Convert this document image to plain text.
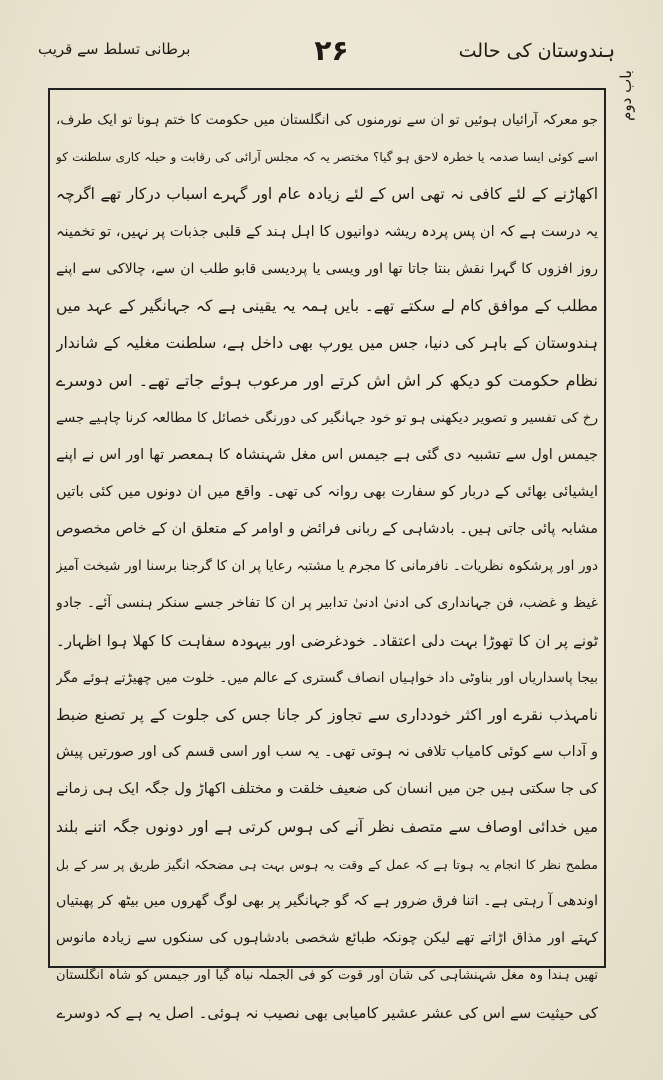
ہندوستان کی حالت
۲۶
برطانی تسلط سے قریب
باب دوم
جو معرکہ آرائیاں ہوئیں تو ان سے نورمنوں کی انگلستان میں حکومت کا ختم ہونا تو ایک طرف،
اسے کوئی ایسا صدمہ یا خطرہ لاحق ہو گیا؟ مختصر یہ کہ مجلس آرائی کی رقابت و حیلہ کاری سلطنت کو
اکھاڑنے کے لئے کافی نہ تھی اس کے لئے زیادہ عام اور گہرے اسباب درکار تھے اگرچہ
یہ درست ہے کہ ان پس پردہ ریشہ دوانیوں کا اہل ہند کے قلبی جذبات پر نہیں، تو تخمینہ
روز افزوں کا گہرا نقش بنتا جاتا تھا اور ویسی یا پردیسی قابو طلب ان سے، چالاکی سے اپنے
مطلب کے موافق کام لے سکتے تھے۔ بایں ہمہ یہ یقینی ہے کہ جہانگیر کے عہد میں
ہندوستان کے باہر کی دنیا، جس میں یورپ بھی داخل ہے، سلطنت مغلیہ کے شاندار
نظام حکومت کو دیکھ کر اش اش کرتے اور مرعوب ہوئے جاتے تھے۔ اس دوسرے
رخ کی تفسیر و تصویر دیکھنی ہو تو خود جہانگیر کی دورنگی خصائل کا مطالعہ کرنا چاہیے جسے
جیمس اول سے تشبیہ دی گئی ہے جیمس اس مغل شہنشاہ کا ہمعصر تھا اور اس نے اپنے
ایشیائی بھائی کے دربار کو سفارت بھی روانہ کی تھی۔ واقع میں ان دونوں میں کئی باتیں
مشابہ پائی جاتی ہیں۔ بادشاہی کے ربانی فرائض و اوامر کے متعلق ان کے خاص مخصوص
دور اور پرشکوہ نظریات۔ نافرمانی کا مجرم یا مشتبہ رعایا پر ان کا گرجنا برسنا اور شیخت آمیز
غیظ و غضب، فن جہانداری کی ادنیٰ ادنیٰ تدابیر پر ان کا تفاخر جسے سنکر ہنسی آئے۔ جادو
ٹونے پر ان کا تھوڑا بہت دلی اعتقاد۔ خودغرضی اور بیہودہ سفاہت کا کھلا ہوا اظہار۔
بیجا پاسداریاں اور بناوٹی داد خواہیاں انصاف گستری کے عالم میں۔ خلوت میں چھیڑتے ہوئے مگر
نامہذب نقرے اور اکثر خودداری سے تجاوز کر جانا جس کی جلوت کے پر تصنع ضبط
و آداب سے کوئی کامیاب تلافی نہ ہوتی تھی۔ یہ سب اور اسی قسم کی اور صورتیں پیش
کی جا سکتی ہیں جن میں انسان کی ضعیف خلقت و مختلف اکھاڑ ول جگہ ایک ہی زمانے
میں خدائی اوصاف سے متصف نظر آنے کی ہوس کرتی ہے اور دونوں جگہ اتنے بلند
مطمح نظر کا انجام یہ ہوتا ہے کہ عمل کے وقت یہ ہوس بہت ہی مضحکہ انگیز طریق پر سر کے بل
اوندھی آ رہتی ہے۔ اتنا فرق ضرور ہے کہ گو جہانگیر پر بھی لوگ گھروں میں بیٹھ کر پھبتیاں
کہتے اور مذاق اڑاتے تھے لیکن چونکہ طبائع شخصی بادشاہوں کی سنکوں سے زیادہ مانوس
تھیں ہندا وہ مغل شہنشاہی کی شان اور قوت کو فی الجملہ نباہ گیا اور جیمس کو شاہ انگلستان
کی حیثیت سے اس کی عشر عشیر کامیابی بھی نصیب نہ ہوئی۔ اصل یہ ہے کہ دوسرے
